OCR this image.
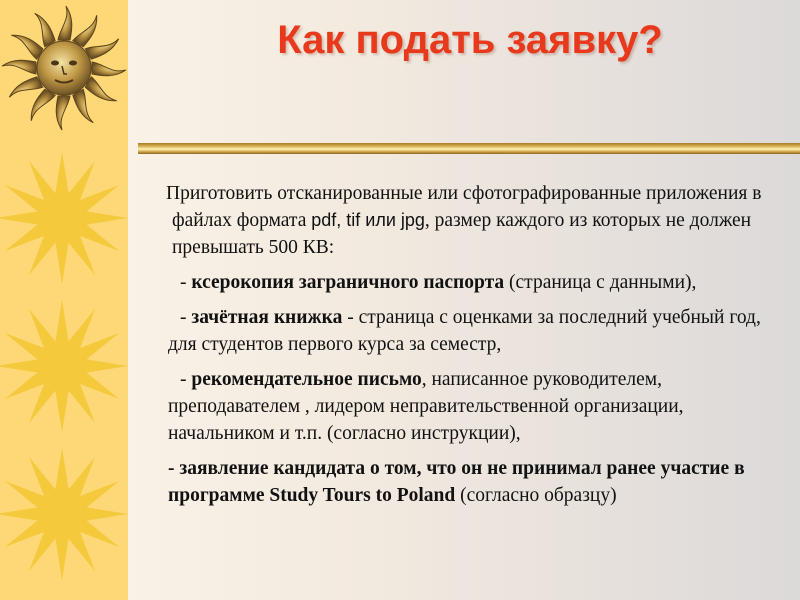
Как подать заявку?

Приготовить отсканированные или сфотографированные приложения в файлах формата pdf, tif или jpg, размер каждого из которых не должен превышать 500 КВ:

- ксерокопия заграничного паспорта (страница с данными),

- зачётная книжка - страница с оценками за последний учебный год, для студентов первого курса за семестр,

- рекомендательное письмо, написанное руководителем, преподавателем , лидером неправительственной организации, начальником и т.п. (согласно инструкции),

- заявление кандидата о том, что он не принимал ранее участие в программе Study Tours to Poland (согласно образцу)
